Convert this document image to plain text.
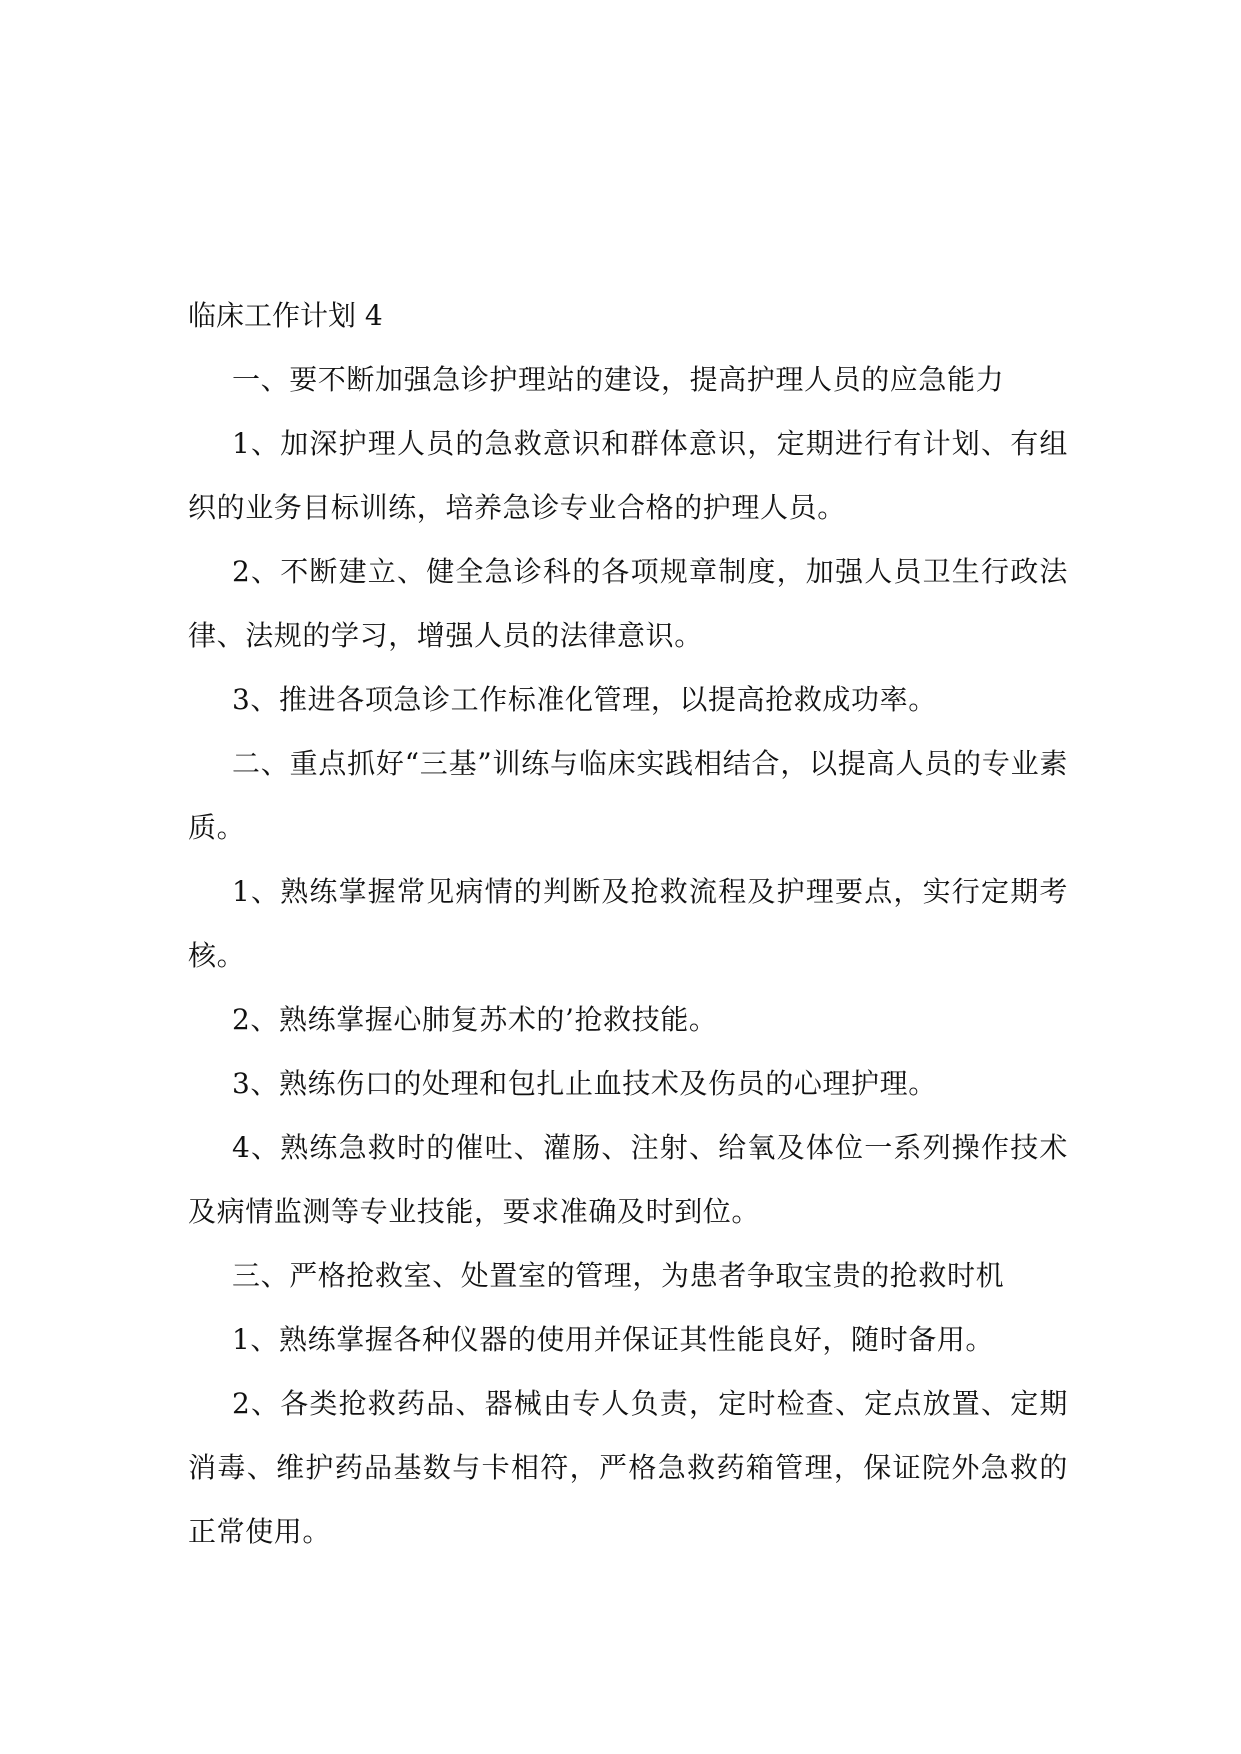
临床工作计划 4

一、要不断加强急诊护理站的建设，提高护理人员的应急能力

1、加深护理人员的急救意识和群体意识，定期进行有计划、有组织的业务目标训练，培养急诊专业合格的护理人员。

2、不断建立、健全急诊科的各项规章制度，加强人员卫生行政法律、法规的学习，增强人员的法律意识。

3、推进各项急诊工作标准化管理，以提高抢救成功率。

二、重点抓好“三基”训练与临床实践相结合，以提高人员的专业素质。

1、熟练掌握常见病情的判断及抢救流程及护理要点，实行定期考核。

2、熟练掌握心肺复苏术的’抢救技能。

3、熟练伤口的处理和包扎止血技术及伤员的心理护理。

4、熟练急救时的催吐、灌肠、注射、给氧及体位一系列操作技术及病情监测等专业技能，要求准确及时到位。

三、严格抢救室、处置室的管理，为患者争取宝贵的抢救时机

1、熟练掌握各种仪器的使用并保证其性能良好，随时备用。

2、各类抢救药品、器械由专人负责，定时检查、定点放置、定期消毒、维护药品基数与卡相符，严格急救药箱管理，保证院外急救的正常使用。
